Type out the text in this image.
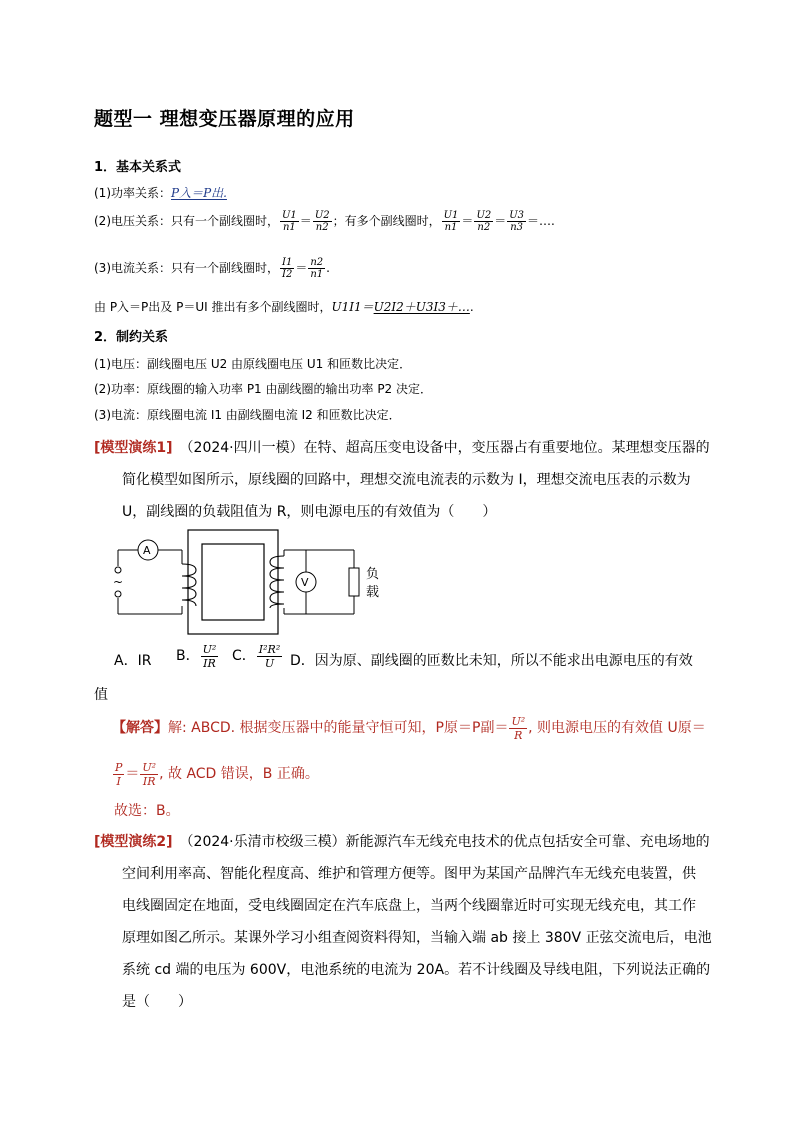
题型一 理想变压器原理的应用
1．基本关系式
(1)功率关系：P入＝P出.
(2)电压关系：只有一个副线圈时， $\frac{U1}{n1} = \frac{U2}{n2}$ ；有多个副线圈时， $\frac{U1}{n1} = \frac{U2}{n2} = \frac{U3}{n3}$ ＝….
(3)电流关系：只有一个副线圈时， $\frac{I1}{I2} = \frac{n2}{n1}$ .
由 P入＝P出及 P＝UI 推出有多个副线圈时，U1I1＝U2I2＋U3I3＋….
2．制约关系
(1)电压：副线圈电压 U2 由原线圈电压 U1 和匝数比决定．
(2)功率：原线圈的输入功率 P1 由副线圈的输出功率 P2 决定．
(3)电流：原线圈电流 I1 由副线圈电流 I2 和匝数比决定．
[模型演练1]　 （2024·四川一模）在特、超高压变电设备中，变压器占有重要地位。某理想变压器的
简化模型如图所示，原线圈的回路中，理想交流电流表的示数为 I，理想交流电压表的示数为
U，副线圈的负载阻值为 R，则电源电压的有效值为（　　）
~
A
V
负
载
A．IR B． $\frac{\text{U²}}{IR}$ C． $\frac{\text{I²R²}}{U}$ D．因为原、副线圈的匝数比未知，所以不能求出电源电压的有效
值
【解答】解: ABCD. 根据变压器中的能量守恒可知，P原＝P副＝ $\frac{\text{U²}}{R}$ , 则电源电压的有效值 U原＝
$\frac{P}{I} = \frac{\text{U²}}{IR}$ , 故 ACD 错误，B 正确。
故选：B。
[模型演练2]　 （2024·乐清市校级三模）新能源汽车无线充电技术的优点包括安全可靠、充电场地的
空间利用率高、智能化程度高、维护和管理方便等。图甲为某国产品牌汽车无线充电装置，供
电线圈固定在地面，受电线圈固定在汽车底盘上，当两个线圈靠近时可实现无线充电，其工作
原理如图乙所示。某课外学习小组查阅资料得知，当输入端 ab 接上 380V 正弦交流电后，电池
系统 cd 端的电压为 600V，电池系统的电流为 20A。若不计线圈及导线电阻，下列说法正确的
是（　　）
